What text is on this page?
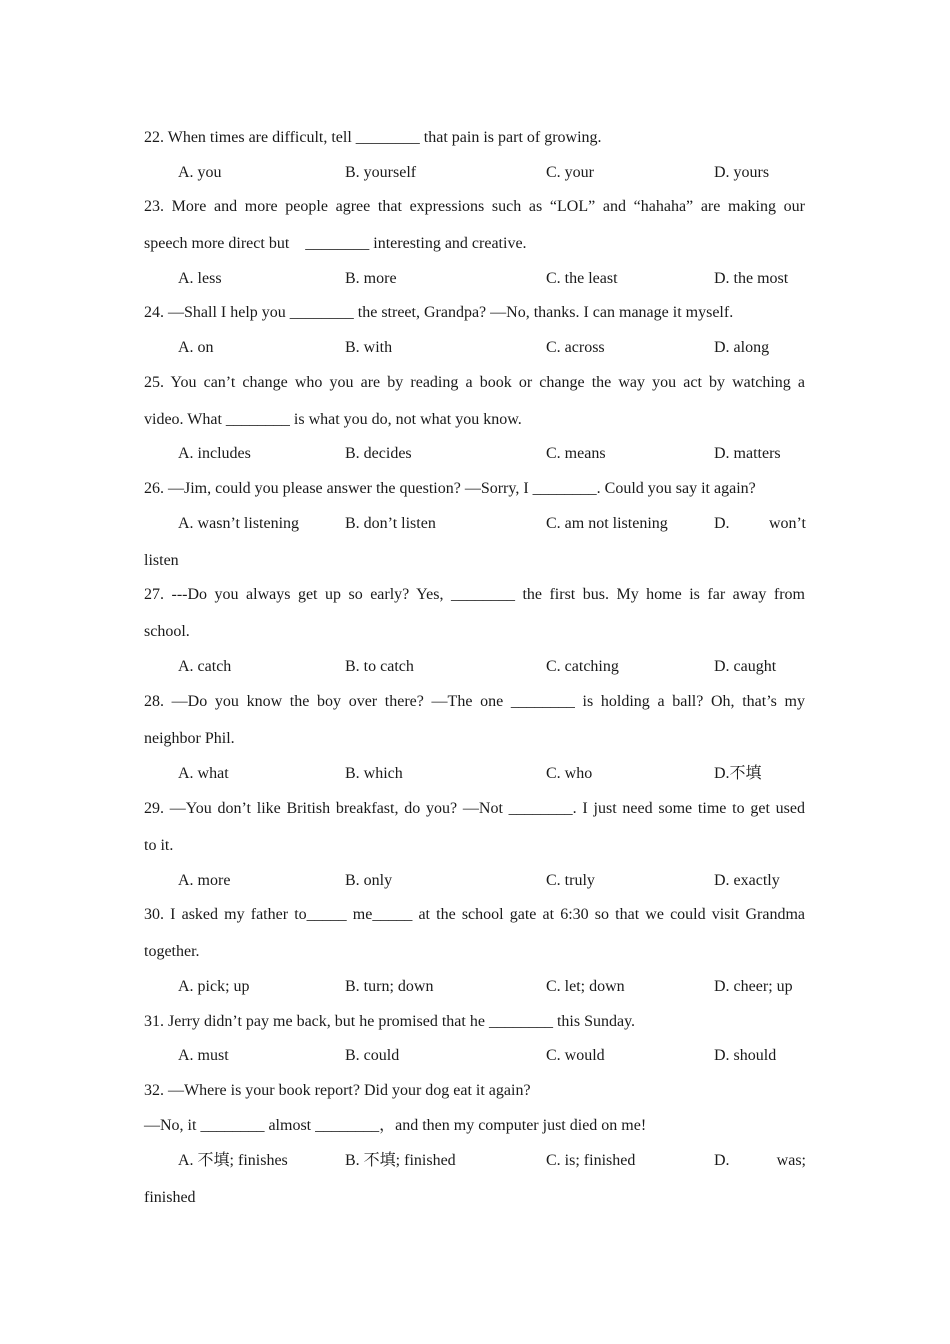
22. When times are difficult, tell ________ that pain is part of growing.
A. you	B. yourself	C. your	D. yours
23. More and more people agree that expressions such as “LOL” and “hahaha” are making our
speech more direct but    ________ interesting and creative.
A. less	B. more	C. the least	D. the most
24. —Shall I help you ________ the street, Grandpa? —No, thanks. I can manage it myself.
A. on	B. with	C. across	D. along
25. You can’t change who you are by reading a book or change the way you act by watching a
video. What ________ is what you do, not what you know.
A. includes	B. decides	C. means	D. matters
26. —Jim, could you please answer the question? —Sorry, I ________. Could you say it again?
A. wasn’t listening	B. don’t listen	C. am not listening	D. won’t
listen
27. ---Do you always get up so early? Yes, ________ the first bus. My home is far away from
school.
A. catch	B. to catch	C. catching	D. caught
28. —Do you know the boy over there? —The one ________ is holding a ball? Oh, that’s my
neighbor Phil.
A. what	B. which	C. who	D.不填
29. —You don’t like British breakfast, do you? —Not ________. I just need some time to get used
to it.
A. more	B. only	C. truly	D. exactly
30. I asked my father to_____ me_____ at the school gate at 6:30 so that we could visit Grandma
together.
A. pick; up	B. turn; down	C. let; down	D. cheer; up
31. Jerry didn’t pay me back, but he promised that he ________ this Sunday.
A. must	B. could	C. would	D. should
32. —Where is your book report? Did your dog eat it again?
—No, it ________ almost ________，and then my computer just died on me!
A. 不填; finishes	B. 不填; finished	C. is; finished	D.	was;
finished
